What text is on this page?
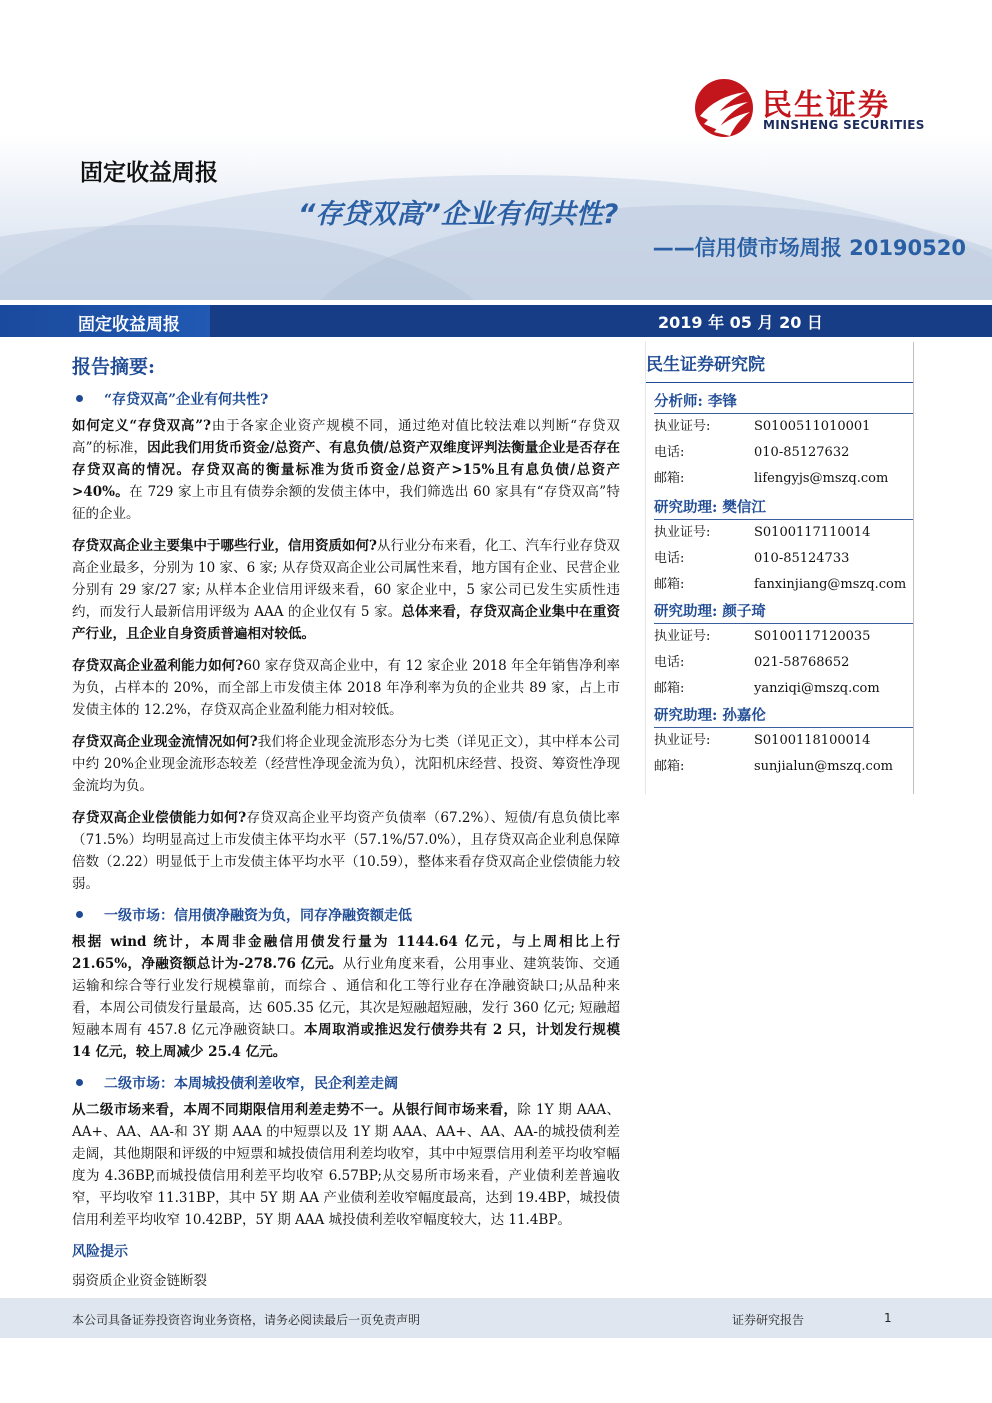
民生证券
MINSHENG SECURITIES
固定收益周报
“存贷双高”企业有何共性?
——信用债市场周报 20190520
固定收益周报	2019 年 05 月 20 日
报告摘要:
“存贷双高”企业有何共性?

如何定义“存贷双高”?由于各家企业资产规模不同，通过绝对值比较法难以判断“存贷双高”的标准，因此我们用货币资金/总资产、有息负债/总资产双维度评判法衡量企业是否存在存贷双高的情况。存贷双高的衡量标准为货币资金/总资产>15%且有息负债/总资产>40%。在 729 家上市且有债券余额的发债主体中，我们筛选出 60 家具有“存贷双高”特征的企业。

存贷双高企业主要集中于哪些行业，信用资质如何?从行业分布来看，化工、汽车行业存贷双高企业最多，分别为 10 家、6 家; 从存贷双高企业公司属性来看，地方国有企业、民营企业分别有 29 家/27 家; 从样本企业信用评级来看，60 家企业中，5 家公司已发生实质性违约，而发行人最新信用评级为 AAA 的企业仅有 5 家。总体来看，存贷双高企业集中在重资产行业，且企业自身资质普遍相对较低。

存贷双高企业盈利能力如何?60 家存贷双高企业中，有 12 家企业 2018 年全年销售净利率为负，占样本的 20%，而全部上市发债主体 2018 年净利率为负的企业共 89 家，占上市发债主体的 12.2%，存贷双高企业盈利能力相对较低。

存贷双高企业现金流情况如何?我们将企业现金流形态分为七类（详见正文），其中样本公司中约 20%企业现金流形态较差（经营性净现金流为负），沈阳机床经营、投资、筹资性净现金流均为负。

存贷双高企业偿债能力如何?存贷双高企业平均资产负债率（67.2%）、短债/有息负债比率（71.5%）均明显高过上市发债主体平均水平（57.1%/57.0%），且存贷双高企业利息保障倍数（2.22）明显低于上市发债主体平均水平（10.59），整体来看存贷双高企业偿债能力较弱。

一级市场：信用债净融资为负，同存净融资额走低

根据 wind 统计，本周非金融信用债发行量为 1144.64 亿元，与上周相比上行 21.65%，净融资额总计为-278.76 亿元。从行业角度来看，公用事业、建筑装饰、交通运输和综合等行业发行规模靠前，而综合 、通信和化工等行业存在净融资缺口;从品种来看，本周公司债发行量最高，达 605.35 亿元，其次是短融超短融，发行 360 亿元; 短融超短融本周有 457.8 亿元净融资缺口。本周取消或推迟发行债券共有 2 只，计划发行规模 14 亿元，较上周减少 25.4 亿元。

二级市场：本周城投债利差收窄，民企利差走阔

从二级市场来看，本周不同期限信用利差走势不一。从银行间市场来看，除 1Y 期 AAA、AA+、AA、AA-和 3Y 期 AAA 的中短票以及 1Y 期 AAA、AA+、AA、AA-的城投债利差走阔，其他期限和评级的中短票和城投债信用利差均收窄，其中中短票信用利差平均收窄幅度为 4.36BP,而城投债信用利差平均收窄 6.57BP;从交易所市场来看，产业债利差普遍收窄，平均收窄 11.31BP，其中 5Y 期 AA 产业债利差收窄幅度最高，达到 19.4BP，城投债信用利差平均收窄 10.42BP，5Y 期 AAA 城投债利差收窄幅度较大，达 11.4BP。

风险提示

弱资质企业资金链断裂

民生证券研究院
分析师: 李锋
执业证号:	S0100511010001
电话:	010-85127632
邮箱:	lifengyjs@mszq.com
研究助理: 樊信江
执业证号:	S0100117110014
电话:	010-85124733
邮箱:	fanxinjiang@mszq.com
研究助理: 颜子琦
执业证号:	S0100117120035
电话:	021-58768652
邮箱:	yanziqi@mszq.com
研究助理: 孙嘉伦
执业证号:	S0100118100014
邮箱:	sunjialun@mszq.com
本公司具备证券投资咨询业务资格，请务必阅读最后一页免责声明	证券研究报告	1
